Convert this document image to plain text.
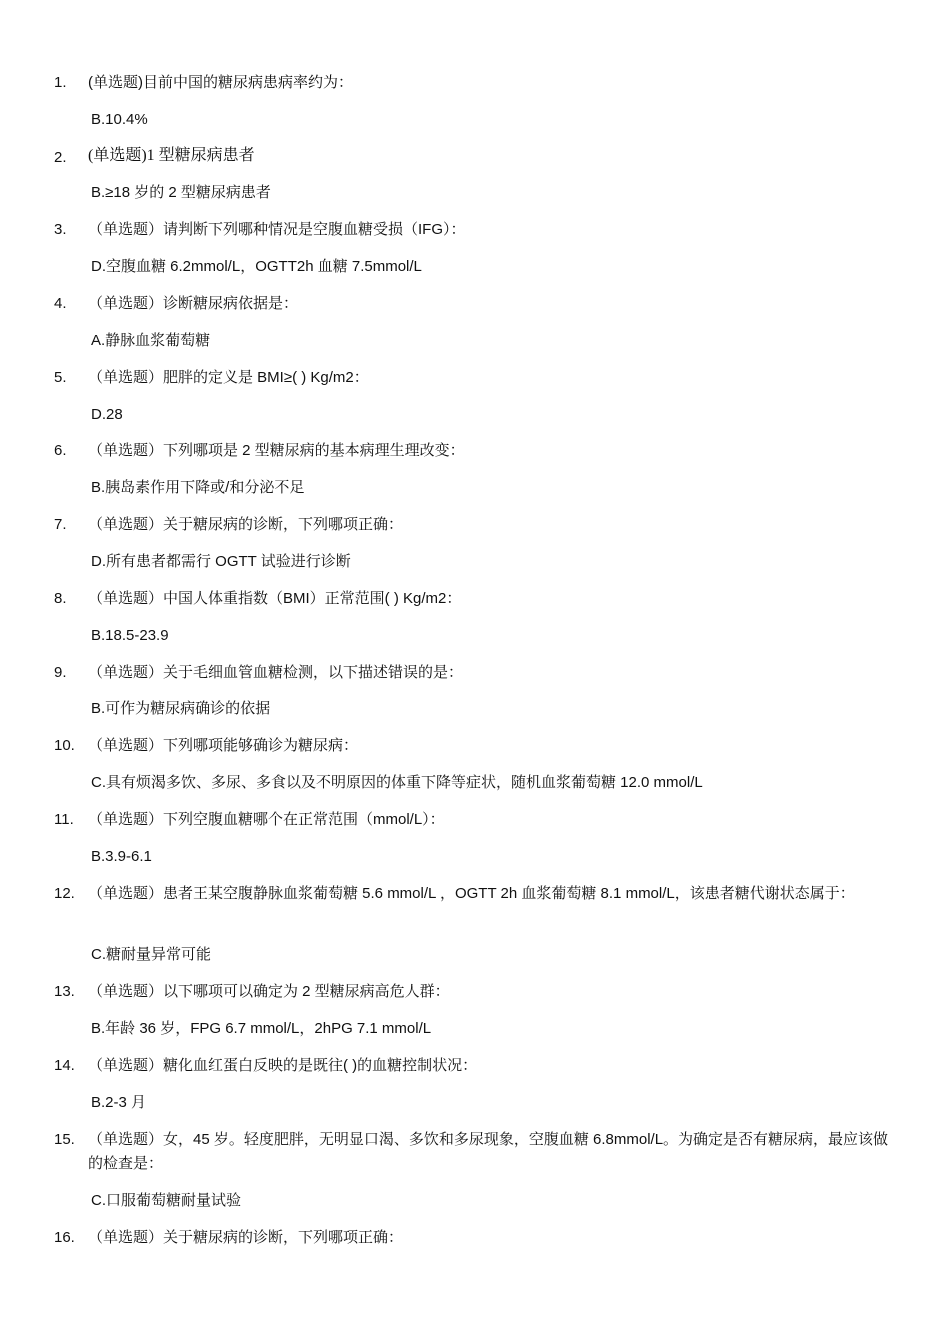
1.	(单选题)目前中国的糖尿病患病率约为：
B.10.4%
2.	(单选题)1 型糖尿病患者
B.≥18 岁的 2 型糖尿病患者
3.	（单选题）请判断下列哪种情况是空腹血糖受损（IFG）：
D.空腹血糖 6.2mmol/L，OGTT2h 血糖 7.5mmol/L
4.	（单选题）诊断糖尿病依据是：
A.静脉血浆葡萄糖
5.	（单选题）肥胖的定义是 BMI≥( ) Kg/m2：
D.28
6.	（单选题）下列哪项是 2 型糖尿病的基本病理生理改变：
B.胰岛素作用下降或/和分泌不足
7.	（单选题）关于糖尿病的诊断，下列哪项正确：
D.所有患者都需行 OGTT 试验进行诊断
8.	（单选题）中国人体重指数（BMI）正常范围( ) Kg/m2：
B.18.5-23.9
9.	（单选题）关于毛细血管血糖检测，以下描述错误的是：
B.可作为糖尿病确诊的依据
10. （单选题）下列哪项能够确诊为糖尿病：
C.具有烦渴多饮、多尿、多食以及不明原因的体重下降等症状，随机血浆葡萄糖 12.0 mmol/L
11. （单选题）下列空腹血糖哪个在正常范围（mmol/L）：
B.3.9-6.1
12. （单选题）患者王某空腹静脉血浆葡萄糖 5.6 mmol/L ，OGTT 2h 血浆葡萄糖 8.1 mmol/L，该患者糖代谢状态属于：
C.糖耐量异常可能
13. （单选题）以下哪项可以确定为 2 型糖尿病高危人群：
B.年龄 36 岁，FPG 6.7 mmol/L，2hPG 7.1 mmol/L
14. （单选题）糖化血红蛋白反映的是既往( )的血糖控制状况：
B.2-3 月
15. （单选题）女，45 岁。轻度肥胖，无明显口渴、多饮和多尿现象，空腹血糖 6.8mmol/L。为确定是否有糖尿病，最应该做的检查是：
C.口服葡萄糖耐量试验
16. （单选题）关于糖尿病的诊断，下列哪项正确：
